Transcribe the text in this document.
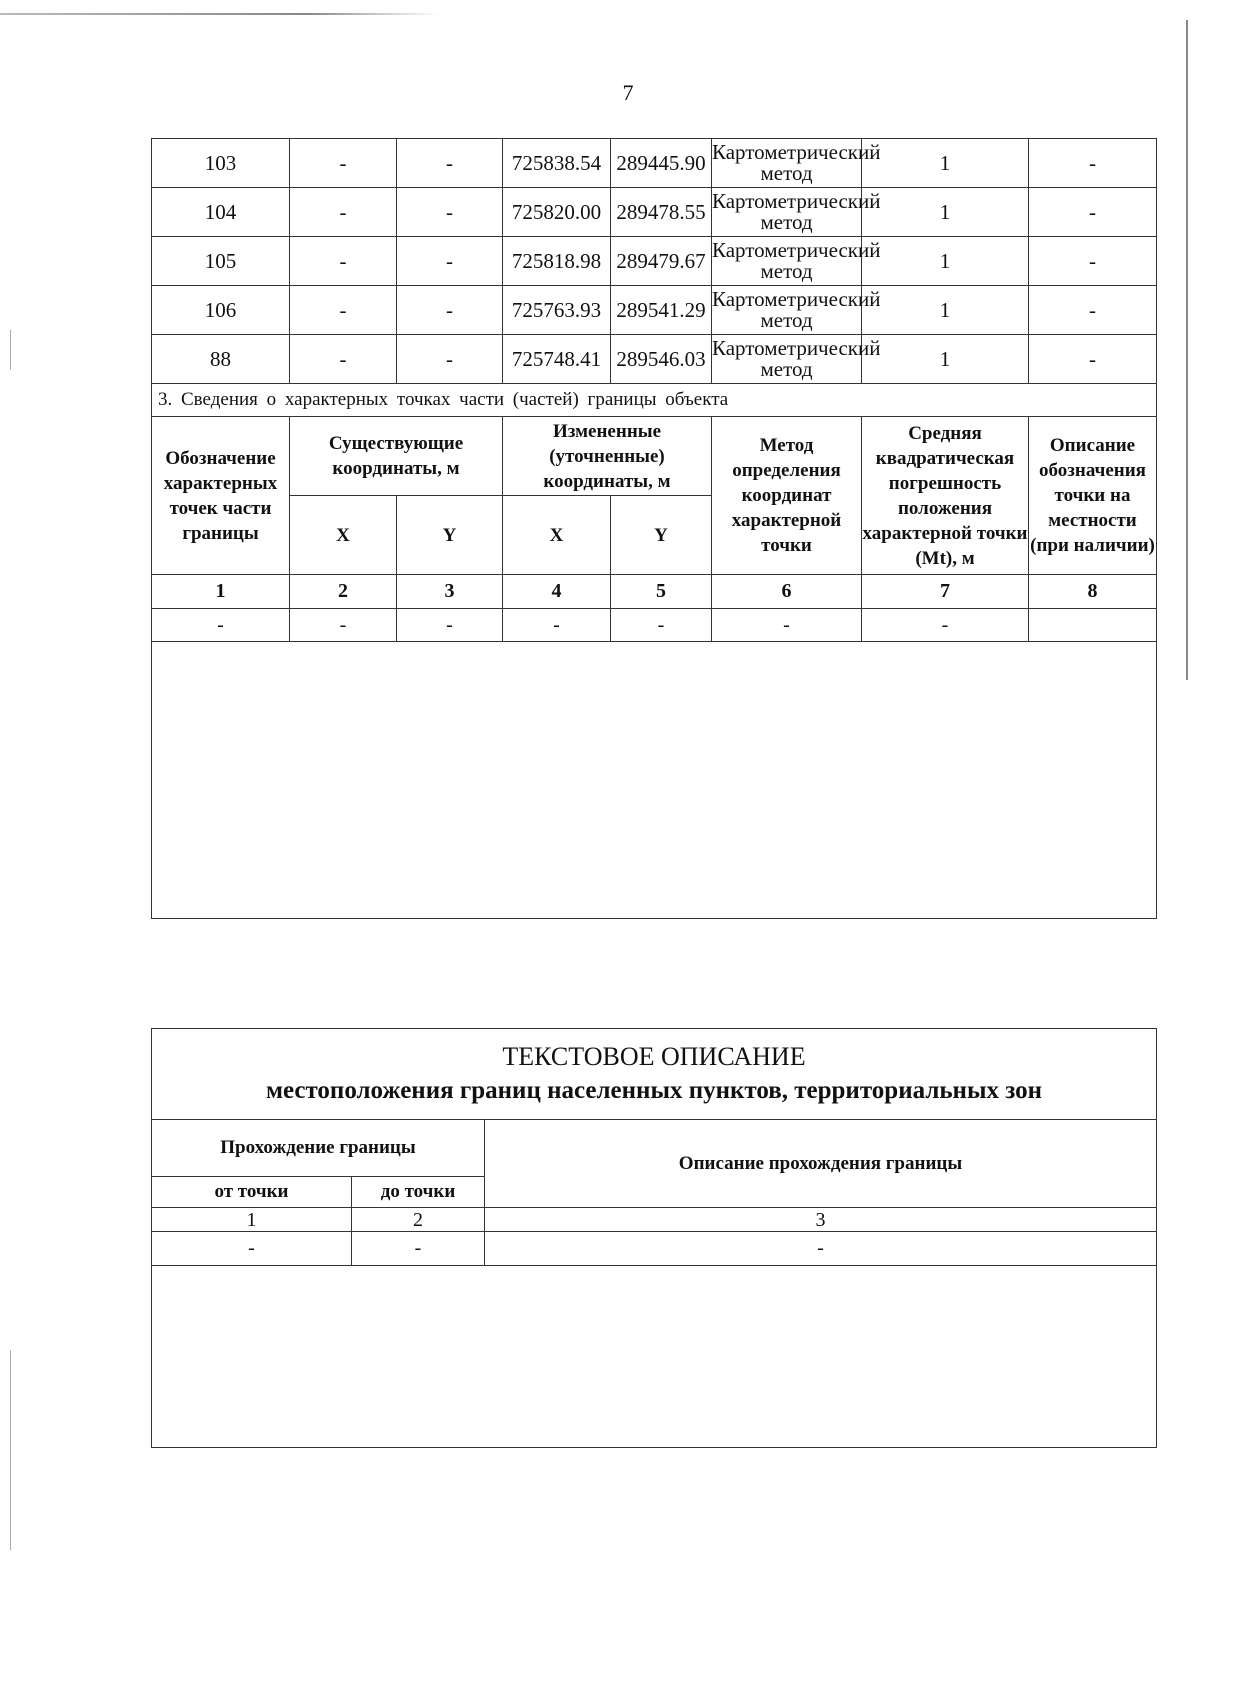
7
103	-	-	725838.54	289445.90	Картометрический метод	1	-
104	-	-	725820.00	289478.55	Картометрический метод	1	-
105	-	-	725818.98	289479.67	Картометрический метод	1	-
106	-	-	725763.93	289541.29	Картометрический метод	1	-
88	-	-	725748.41	289546.03	Картометрический метод	1	-
3. Сведения о характерных точках части (частей) границы объекта							
Обозначение характерных точек части границы	Существующие координаты, м		Измененные (уточненные) координаты, м		Метод определения координат характерной точки	Средняя квадратическая погрешность положения характерной точки (Mt), м	Описание обозначения точки на местности (при наличии)
	X	Y	X	Y			
1	2	3	4	5	6	7	8
-	-	-	-	-	-	-	

ТЕКСТОВОЕ ОПИСАНИЕ
местоположения границ населенных пунктов, территориальных зон		

Прохождение границы		Описание прохождения границы
от точки	до точки	
1	2	3
-	-	-
